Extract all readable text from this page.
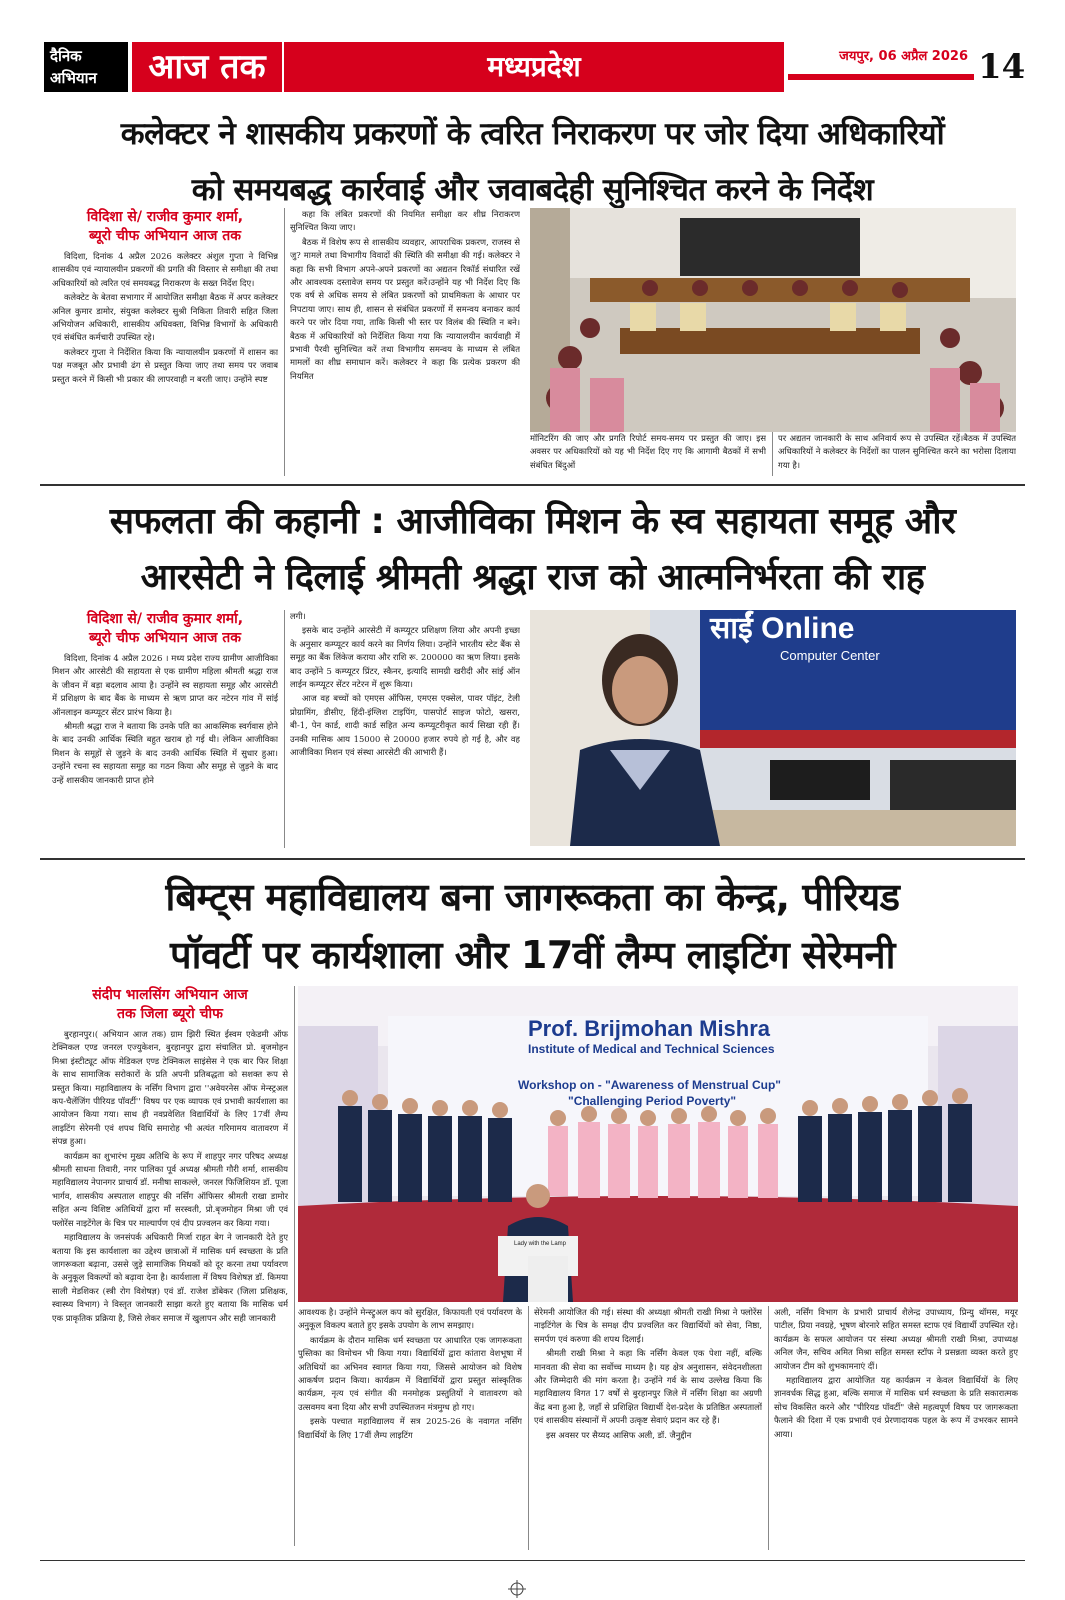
दैनिक
अभियान	आज तक	मध्यप्रदेश	जयपुर, 06 अप्रैल 2026 14
कलेक्टर ने शासकीय प्रकरणों के त्वरित निराकरण पर जोर दिया अधिकारियों
को समयबद्ध कार्रवाई और जवाबदेही सुनिश्चित करने के निर्देश
विदिशा से/ राजीव कुमार शर्मा,
ब्यूरो चीफ अभियान आज तक

विदिशा, दिनांक 4 अप्रैल 2026 कलेक्टर अंशुल गुप्ता ने विभिन्न शासकीय एवं न्यायालयीन प्रकरणों की प्रगति की विस्तार से समीक्षा की तथा अधिकारियों को त्वरित एवं समयबद्ध निराकरण के सख्त निर्देश दिए।

कलेक्टेट के बेतवा सभागार में आयोजित समीक्षा बैठक में अपर कलेक्टर अनिल कुमार डामोर, संयुक्त कलेक्टर सुश्री निकिता तिवारी सहित जिला अभियोजन अधिकारी, शासकीय अधिवक्ता, विभिन्न विभागों के अधिकारी एवं संबंधित कर्मचारी उपस्थित रहे।

कलेक्टर गुप्ता ने निर्देशित किया कि न्यायालयीन प्रकरणों में शासन का पक्ष मजबूत और प्रभावी ढंग से प्रस्तुत किया जाए तथा समय पर जवाब प्रस्तुत करने में किसी भी प्रकार की लापरवाही न बरती जाए। उन्होंने स्पष्ट

कहा कि लंबित प्रकरणों की नियमित समीक्षा कर शीघ्र निराकरण सुनिश्चित किया जाए।

बैठक में विशेष रूप से शासकीय व्यवहार, आपराधिक प्रकरण, राजस्व से जु? मामले तथा विभागीय विवादों की स्थिति की समीक्षा की गई। कलेक्टर ने कहा कि सभी विभाग अपने-अपने प्रकरणों का अद्यतन रिकॉर्ड संधारित रखें और आवश्यक दस्तावेज समय पर प्रस्तुत करें।उन्होंने यह भी निर्देश दिए कि एक वर्ष से अधिक समय से लंबित प्रकरणों को प्राथमिकता के आधार पर निपटाया जाए। साथ ही, शासन से संबंधित प्रकरणों में समन्वय बनाकर कार्य करने पर जोर दिया गया, ताकि किसी भी स्तर पर विलंब की स्थिति न बने। बैठक में अधिकारियों को निर्देशित किया गया कि न्यायालयीन कार्यवाही में प्रभावी पैरवी सुनिश्चित करें तथा विभागीय समन्वय के माध्यम से लंबित मामलों का शीघ्र समाधान करें। कलेक्टर ने कहा कि प्रत्येक प्रकरण की नियमित

मॉनिटरिंग की जाए और प्रगति रिपोर्ट समय-समय पर प्रस्तुत की जाए। इस अवसर पर अधिकारियों को यह भी निर्देश दिए गए कि आगामी बैठकों में सभी संबंधित बिंदुओं

पर अद्यतन जानकारी के साथ अनिवार्य रूप से उपस्थित रहें।बैठक में उपस्थित अधिकारियों ने कलेक्टर के निर्देशों का पालन सुनिश्चित करने का भरोसा दिलाया गया है।

सफलता की कहानी : आजीविका मिशन के स्व सहायता समूह और
आरसेटी ने दिलाई श्रीमती श्रद्धा राज को आत्मनिर्भरता की राह
विदिशा से/ राजीव कुमार शर्मा,
ब्यूरो चीफ अभियान आज तक

विदिशा, दिनांक 4 अप्रैल 2026 । मध्य प्रदेश राज्य ग्रामीण आजीविका मिशन और आरसेटी की सहायता से एक ग्रामीण महिला श्रीमती श्रद्धा राज के जीवन में बड़ा बदलाव आया है। उन्होंने स्व सहायता समूह और आरसेटी में प्रशिक्षण के बाद बैंक के माध्यम से ऋण प्राप्त कर नटेरन गांव में सांई ऑनलाइन कम्प्यूटर सेंटर प्रारंभ किया है।

श्रीमती श्रद्धा राज ने बताया कि उनके पति का आकस्मिक स्वर्गवास होने के बाद उनकी आर्थिक स्थिति बहुत खराब हो गई थी। लेकिन आजीविका मिशन के समूहों से जुड़ने के बाद उनकी आर्थिक स्थिति में सुधार हुआ। उन्होंने रचना स्व सहायता समूह का गठन किया और समूह से जुड़ने के बाद उन्हें शासकीय जानकारी प्राप्त होने

लगी।

इसके बाद उन्होंने आरसेटी में कम्प्यूटर प्रशिक्षण लिया और अपनी इच्छा के अनुसार कम्प्यूटर कार्य करने का निर्णय लिया। उन्होंने भारतीय स्टेट बैंक से समूह का बैंक लिंकेज कराया और राशि रू. 200000 का ऋण लिया। इसके बाद उन्होंने 5 कम्प्यूटर प्रिंटर, स्कैनर, इत्यादि सामग्री खरीदी और सांई ऑन लाईन कम्प्यूटर सेंटर नटेरन में शुरू किया।

आज वह बच्चों को एमएस ऑफिस, एमएस एक्सेल, पावर पॉइंट, टेली प्रोग्रामिंग, डीसीए, हिंदी-इंग्लिश टाइपिंग, पासपोर्ट साइज फोटो, खसरा, बी-1, पेन कार्ड, शादी कार्ड सहित अन्य कम्प्यूटरीकृत कार्य सिखा रही हैं। उनकी मासिक आय 15000 से 20000 हजार रुपये हो गई है, और वह आजीविका मिशन एवं संस्था आरसेटी की आभारी हैं।

साईं Online
Computer Center
बिम्ट्स महाविद्यालय बना जागरूकता का केन्द्र, पीरियड
पॉवर्टी पर कार्यशाला और 17वीं लैम्प लाइटिंग सेरेमनी
संदीप भालसिंग अभियान आज
तक जिला ब्यूरो चीफ

बुरहानपुर।( अभियान आज तक) ग्राम झिरी स्थित ईस्वम एकेडमी ऑफ टेक्निकल एण्ड जनरल एज्युकेशन, बुरहानपुर द्वारा संचालित प्रो. बृजमोहन मिश्रा इंस्टीट्यूट ऑफ मेडिकल एण्ड टेक्निकल साइंसेस ने एक बार फिर शिक्षा के साथ सामाजिक सरोकारों के प्रति अपनी प्रतिबद्धता को सशक्त रूप से प्रस्तुत किया। महाविद्यालय के नर्सिंग विभाग द्वारा ''अवेयरनेस ऑफ मेन्स्ट्रअल कप-चैलेंजिंग पीरियड पॉवर्टी'' विषय पर एक व्यापक एवं प्रभावी कार्यशाला का आयोजन किया गया। साथ ही नवप्रवेशित विद्यार्थियों के लिए 17वीं लैम्प लाइटिंग सेरेमनी एवं शपथ विधि समारोह भी अत्यंत गरिमामय वातावरण में संपन्न हुआ।

कार्यक्रम का शुभारंभ मुख्य अतिथि के रूप में शाहपुर नगर परिषद अध्यक्ष श्रीमती साधना तिवारी, नगर पालिका पूर्व अध्यक्ष श्रीमती गौरी शर्मा, शासकीय महाविद्यालय नेपानगर प्राचार्य डॉ. मनीषा साकल्ले, जनरल फिजिशियन डॉ. पूजा भार्गव, शासकीय अस्पताल शाहपुर की नर्सिंग ऑफिसर श्रीमती राखा डामोर सहित अन्य विशिष्ट अतिथियों द्वारा माँ सरस्वती, प्रो.बृजमोहन मिश्रा जी एवं फ्लोरेंस नाइटेंगेल के चित्र पर माल्यार्पण एवं दीप प्रज्वलन कर किया गया।

महाविद्यालय के जनसंपर्क अधिकारी मिर्जा राहत बेग ने जानकारी देते हुए बताया कि इस कार्यशाला का उद्देश्य छात्राओं में मासिक धर्म स्वच्छता के प्रति जागरूकता बढ़ाना, उससे जुड़े सामाजिक मिथकों को दूर करना तथा पर्यावरण के अनुकूल विकल्पों को बढ़ावा देना है। कार्यशाला में विषय विशेषज्ञ डॉ. किमया साली मेडशिकर (स्त्री रोग विशेषज्ञ) एवं डॉ. राजेश डोंबेकर (जिला प्रशिक्षक, स्वास्थ्य विभाग) ने विस्तृत जानकारी साझा करते हुए बताया कि मासिक धर्म एक प्राकृतिक प्रक्रिया है, जिसे लेकर समाज में खुलापन और सही जानकारी

Prof. Brijmohan Mishra
Institute of Medical and Technical Sciences
Workshop on - "Awareness of Menstrual Cup"
"Challenging Period Poverty"
Lady with the Lamp

आवश्यक है। उन्होंने मेन्स्ट्रुअल कप को सुरक्षित, किफायती एवं पर्यावरण के अनुकूल विकल्प बताते हुए इसके उपयोग के लाभ समझाए।

कार्यक्रम के दौरान मासिक धर्म स्वच्छता पर आधारित एक जागरूकता पुस्तिका का विमोचन भी किया गया। विद्यार्थियों द्वारा कांतारा वेशभूषा में अतिथियों का अभिनव स्वागत किया गया, जिससे आयोजन को विशेष आकर्षण प्रदान किया। कार्यक्रम में विद्यार्थियों द्वारा प्रस्तुत सांस्कृतिक कार्यक्रम, नृत्य एवं संगीत की मनमोहक प्रस्तुतियों ने वातावरण को उत्सवमय बना दिया और सभी उपस्थितजन मंत्रमुग्ध हो गए।

इसके पश्चात महाविद्यालय में सत्र 2025-26 के नवागत नर्सिंग विद्यार्थियों के लिए 17वीं लैम्प लाइटिंग

सेरेमनी आयोजित की गई। संस्था की अध्यक्षा श्रीमती राखी मिश्रा ने फ्लोरेंस नाइटिंगेल के चित्र के समक्ष दीप प्रज्वलित कर विद्यार्थियों को सेवा, निष्ठा, समर्पण एवं करुणा की शपथ दिलाई।

श्रीमती राखी मिश्रा ने कहा कि नर्सिंग केवल एक पेशा नहीं, बल्कि मानवता की सेवा का सर्वोच्च माध्यम है। यह क्षेत्र अनुशासन, संवेदनशीलता और जिम्मेदारी की मांग करता है। उन्होंने गर्व के साथ उल्लेख किया कि महाविद्यालय विगत 17 वर्षों से बुरहानपुर जिले में नर्सिंग शिक्षा का अग्रणी केंद्र बना हुआ है, जहाँ से प्रशिक्षित विद्यार्थी देश-प्रदेश के प्रतिष्ठित अस्पतालों एवं शासकीय संस्थानों में अपनी उत्कृष्ट सेवाएं प्रदान कर रहे हैं।

इस अवसर पर सैय्यद आसिफ अली, डॉ. जैनुद्दीन

अली, नर्सिंग विभाग के प्रभारी प्राचार्य शैलेन्द्र उपाध्याय, प्रिन्यु थॉमस, मयूर पाटील, प्रिया नवग्रहे, भूषण बोरनारे सहित समस्त स्टाफ एवं विद्यार्थी उपस्थित रहे। कार्यक्रम के सफल आयोजन पर संस्था अध्यक्ष श्रीमती राखी मिश्रा, उपाध्यक्ष अनिल जैन, सचिव अमित मिश्रा सहित समस्त स्टॉफ ने प्रसन्नता व्यक्त करते हुए आयोजन टीम को शुभकामनाएं दीं।

महाविद्यालय द्वारा आयोजित यह कार्यक्रम न केवल विद्यार्थियों के लिए ज्ञानवर्धक सिद्ध हुआ, बल्कि समाज में मासिक धर्म स्वच्छता के प्रति सकारात्मक सोच विकसित करने और "पीरियड पॉवर्टी" जैसे महत्वपूर्ण विषय पर जागरूकता फैलाने की दिशा में एक प्रभावी एवं प्रेरणादायक पहल के रूप में उभरकर सामने आया।
